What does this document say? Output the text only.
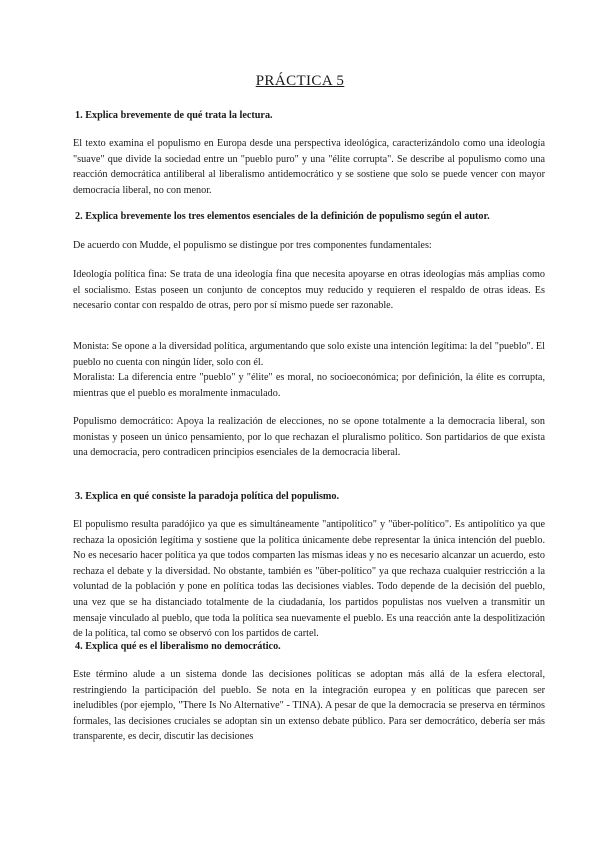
PRÁCTICA 5
1. Explica brevemente de qué trata la lectura.

El texto examina el populismo en Europa desde una perspectiva ideológica, caracterizándolo como una ideología "suave" que divide la sociedad entre un "pueblo puro" y una "élite corrupta". Se describe al populismo como una reacción democrática antiliberal al liberalismo antidemocrático y se sostiene que solo se puede vencer con mayor democracia liberal, no con menor.

2. Explica brevemente los tres elementos esenciales de la definición de populismo según el autor.

De acuerdo con Mudde, el populismo se distingue por tres componentes fundamentales:

Ideología política fina: Se trata de una ideología fina que necesita apoyarse en otras ideologías más amplias como el socialismo. Estas poseen un conjunto de conceptos muy reducido y requieren el respaldo de otras ideas. Es necesario contar con respaldo de otras, pero por sí mismo puede ser razonable.

Monista: Se opone a la diversidad política, argumentando que solo existe una intención legítima: la del "pueblo". El pueblo no cuenta con ningún líder, solo con él.

Moralista: La diferencia entre "pueblo" y "élite" es moral, no socioeconómica; por definición, la élite es corrupta, mientras que el pueblo es moralmente inmaculado.

Populismo democrático: Apoya la realización de elecciones, no se opone totalmente a la democracia liberal, son monistas y poseen un único pensamiento, por lo que rechazan el pluralismo político. Son partidarios de que exista una democracia, pero contradicen principios esenciales de la democracia liberal.

3. Explica en qué consiste la paradoja política del populismo.

El populismo resulta paradójico ya que es simultáneamente "antipolítico" y "über-político". Es antipolítico ya que rechaza la oposición legítima y sostiene que la política únicamente debe representar la única intención del pueblo. No es necesario hacer política ya que todos comparten las mismas ideas y no es necesario alcanzar un acuerdo, esto rechaza el debate y la diversidad. No obstante, también es "über-político" ya que rechaza cualquier restricción a la voluntad de la población y pone en política todas las decisiones viables. Todo depende de la decisión del pueblo, una vez que se ha distanciado totalmente de la ciudadanía, los partidos populistas nos vuelven a transmitir un mensaje vinculado al pueblo, que toda la política sea nuevamente el pueblo. Es una reacción ante la despolitización de la política, tal como se observó con los partidos de cartel.

4. Explica qué es el liberalismo no democrático.

Este término alude a un sistema donde las decisiones políticas se adoptan más allá de la esfera electoral, restringiendo la participación del pueblo. Se nota en la integración europea y en políticas que parecen ser ineludibles (por ejemplo, "There Is No Alternative" - TINA). A pesar de que la democracia se preserva en términos formales, las decisiones cruciales se adoptan sin un extenso debate público. Para ser democrático, debería ser más transparente, es decir, discutir las decisiones
